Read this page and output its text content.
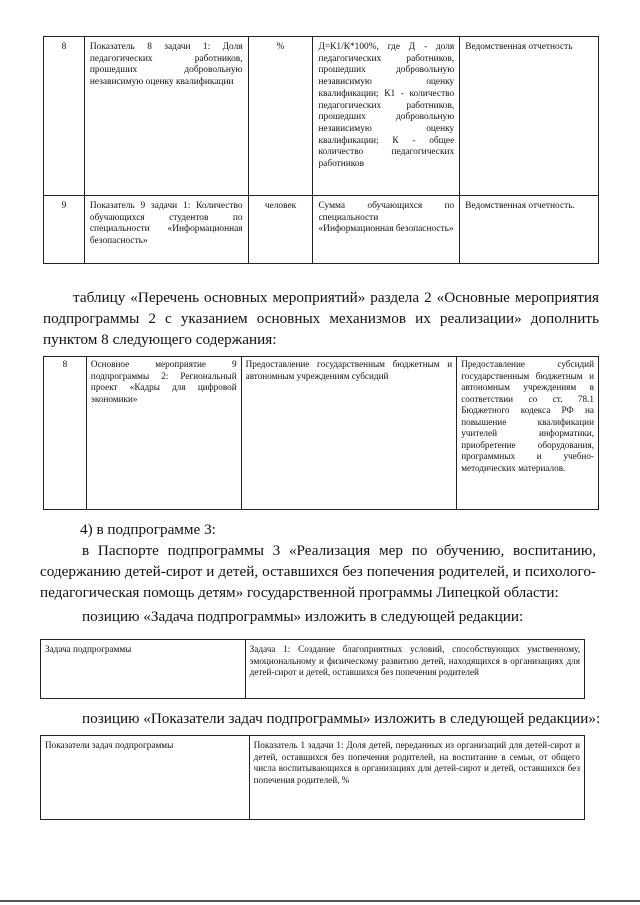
8	Показатель 8 задачи 1: Доля педагогических работников, прошедших добровольную независимую оценку квалификации	%	Д=К1/К*100%, где Д - доля педагогических работников, прошедших добровольную независимую оценку квалификации; К1 - количество педагогических работников, прошедших добровольную независимую оценку квалификации; К - общее количество педагогических работников	Ведомственная отчетность
9	Показатель 9 задачи 1: Количество обучающихся студентов по специальности «Информационная безопасность»	человек	Сумма обучающихся по специальности «Информационная безопасность»	Ведомственная отчетность.

таблицу «Перечень основных мероприятий» раздела 2 «Основные мероприятия подпрограммы 2 с указанием основных механизмов их реализации» дополнить пунктом 8 следующего содержания:

8	Основное мероприятие 9 подпрограммы 2: Региональный проект «Кадры для цифровой экономики»	Предоставление государственным бюджетным и автономным учреждениям субсидий	Предоставление субсидий государственным бюджетным и автономным учреждениям в соответствии со ст. 78.1 Бюджетного кодекса РФ на повышение квалификации учителей информатики, приобретение оборудования, программных и учебно-методических материалов.

4) в подпрограмме 3:

в Паспорте подпрограммы 3 «Реализация мер по обучению, воспитанию, содержанию детей-сирот и детей, оставшихся без попечения родителей, и психолого-педагогическая помощь детям» государственной программы Липецкой области:

позицию «Задача подпрограммы» изложить в следующей редакции:

Задача подпрограммы	Задача 1: Создание благоприятных условий, способствующих умственному, эмоциональному и физическому развитию детей, находящихся в организациях для детей-сирот и детей, оставшихся без попечения родителей

позицию «Показатели задач подпрограммы» изложить в следующей редакции»:

Показатели задач подпрограммы	Показатель 1 задачи 1: Доля детей, переданных из организаций для детей-сирот и детей, оставшихся без попечения родителей, на воспитание в семьи, от общего числа воспитывающихся в организациях для детей-сирот и детей, оставшихся без попечения родителей, %
